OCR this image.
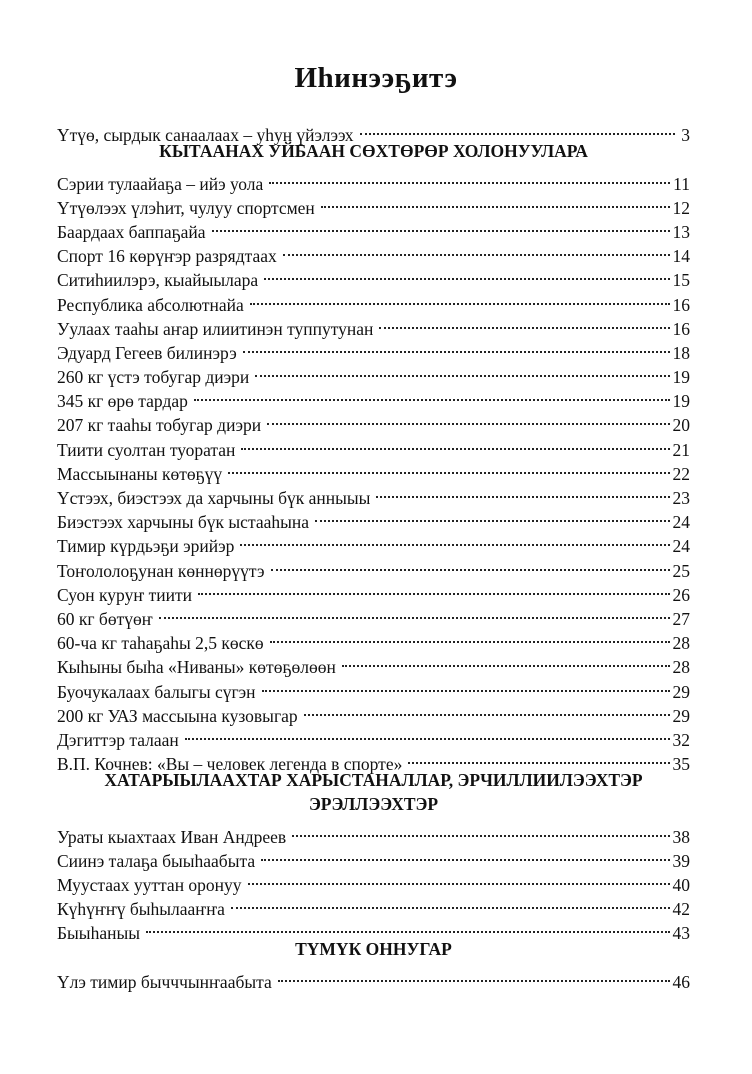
Иһинээҕитэ
Үтүө, сырдык санаалаах – уһун үйэлээх	3
КЫТААНАХ УЙБААН СӨХТӨРӨР ХОЛОНУУЛАРА
Сэрии тулаайаҕа – ийэ уола	11
Үтүөлээх үлэһит, чулуу спортсмен	12
Баардаах баппаҕайа	13
Спорт 16 көрүҥэр разрядтаах	14
Ситиһиилэрэ, кыайыылара	15
Республика абсолютнайа	16
Уулаах тааһы аҥар илиитинэн туппутунан	16
Эдуард Гегеев билинэрэ	18
260 кг үстэ тобугар диэри	19
345 кг өрө тардар	19
207 кг тааһы тобугар диэри	20
Тиити суолтан туоратан	21
Массыынаны көтөҕүү	22
Үстээх, биэстээх да харчыны бүк анныыы	23
Биэстээх харчыны бүк ыстааһына	24
Тимир күрдьэҕи эрийэр	24
Тоҥололоҕунан көннөрүүтэ	25
Суон куруҥ тиити	26
60 кг бөтүөҥ	27
60-ча кг таһаҕаһы 2,5 көскө	28
Кыһыны быһа «Ниваны» көтөҕөлөөн	28
Буочукалаах балыгы сүгэн	29
200 кг УАЗ массыына кузовыгар	29
Дэгиттэр талаан	32
В.П. Кочнев: «Вы – человек легенда в спорте»	35
ХАТАРЫЫЛААХТАР ХАРЫСТАНАЛЛАР, ЭРЧИЛЛИИЛЭЭХТЭР
ЭРЭЛЛЭЭХТЭР
Ураты кыахтаах Иван Андреев	38
Сиинэ талаҕа быыһаабыта	39
Муустаах ууттан оронуу	40
Күһүҥҥү быһылааҥҥа	42
Быыһаныы	43
ТҮМҮК ОННУГАР
Үлэ тимир бычччынҥаабыта	46
